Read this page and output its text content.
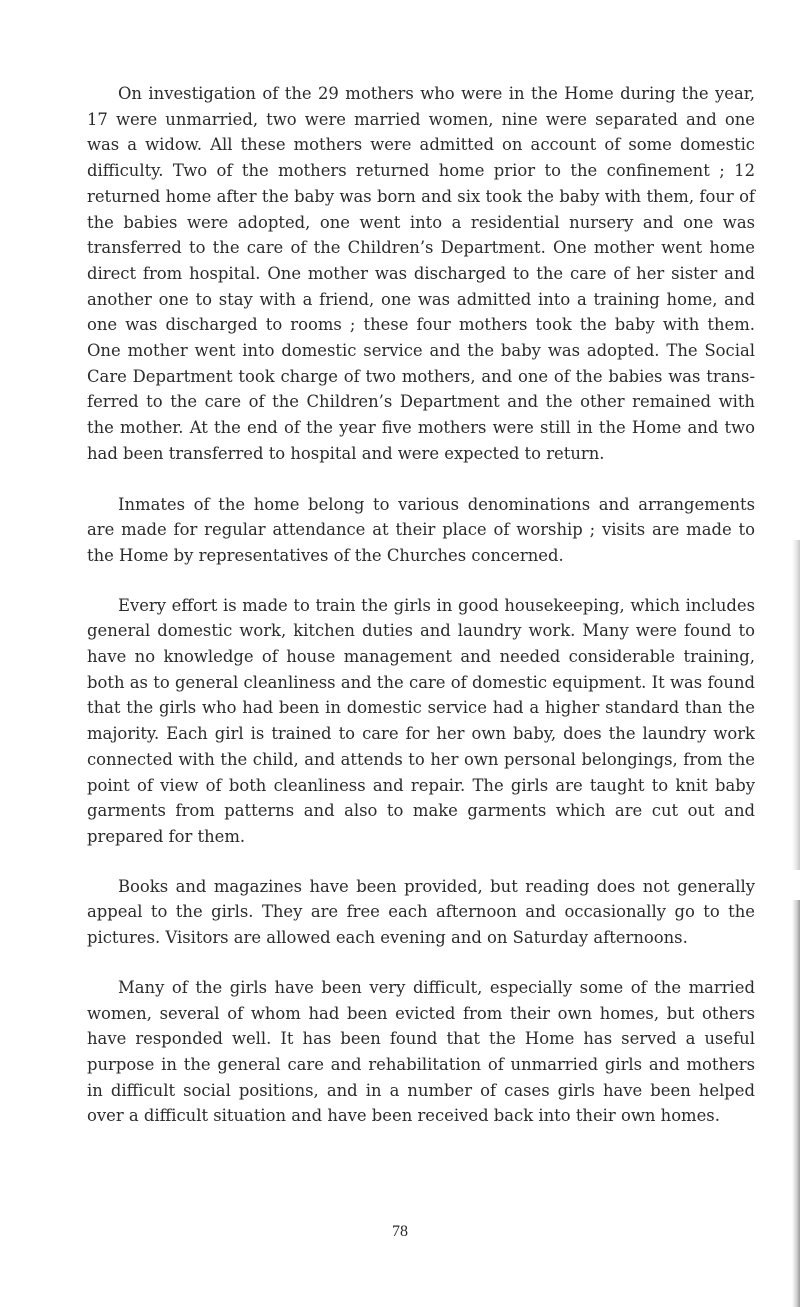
On investigation of the 29 mothers who were in the Home during the year, 17 were unmarried, two were married women, nine were separated and one was a widow. All these mothers were admitted on account of some domestic difficulty. Two of the mothers returned home prior to the confinement ; 12 returned home after the baby was born and six took the baby with them, four of the babies were adopted, one went into a residential nursery and one was transferred to the care of the Children’s Department. One mother went home direct from hospital. One mother was discharged to the care of her sister and another one to stay with a friend, one was admitted into a training home, and one was discharged to rooms ; these four mothers took the baby with them. One mother went into domestic service and the baby was adopted. The Social Care Department took charge of two mothers, and one of the babies was transferred to the care of the Children’s Department and the other remained with the mother. At the end of the year five mothers were still in the Home and two had been transferred to hospital and were expected to return.

Inmates of the home belong to various denominations and arrangements are made for regular attendance at their place of worship ; visits are made to the Home by representatives of the Churches concerned.

Every effort is made to train the girls in good housekeeping, which includes general domestic work, kitchen duties and laundry work. Many were found to have no knowledge of house management and needed considerable training, both as to general cleanliness and the care of domestic equipment. It was found that the girls who had been in domestic service had a higher standard than the majority. Each girl is trained to care for her own baby, does the laundry work connected with the child, and attends to her own personal belongings, from the point of view of both cleanliness and repair. The girls are taught to knit baby garments from patterns and also to make garments which are cut out and prepared for them.

Books and magazines have been provided, but reading does not generally appeal to the girls. They are free each afternoon and occasionally go to the pictures. Visitors are allowed each evening and on Saturday afternoons.

Many of the girls have been very difficult, especially some of the married women, several of whom had been evicted from their own homes, but others have responded well. It has been found that the Home has served a useful purpose in the general care and rehabilitation of unmarried girls and mothers in difficult social positions, and in a number of cases girls have been helped over a difficult situation and have been received back into their own homes.

78
